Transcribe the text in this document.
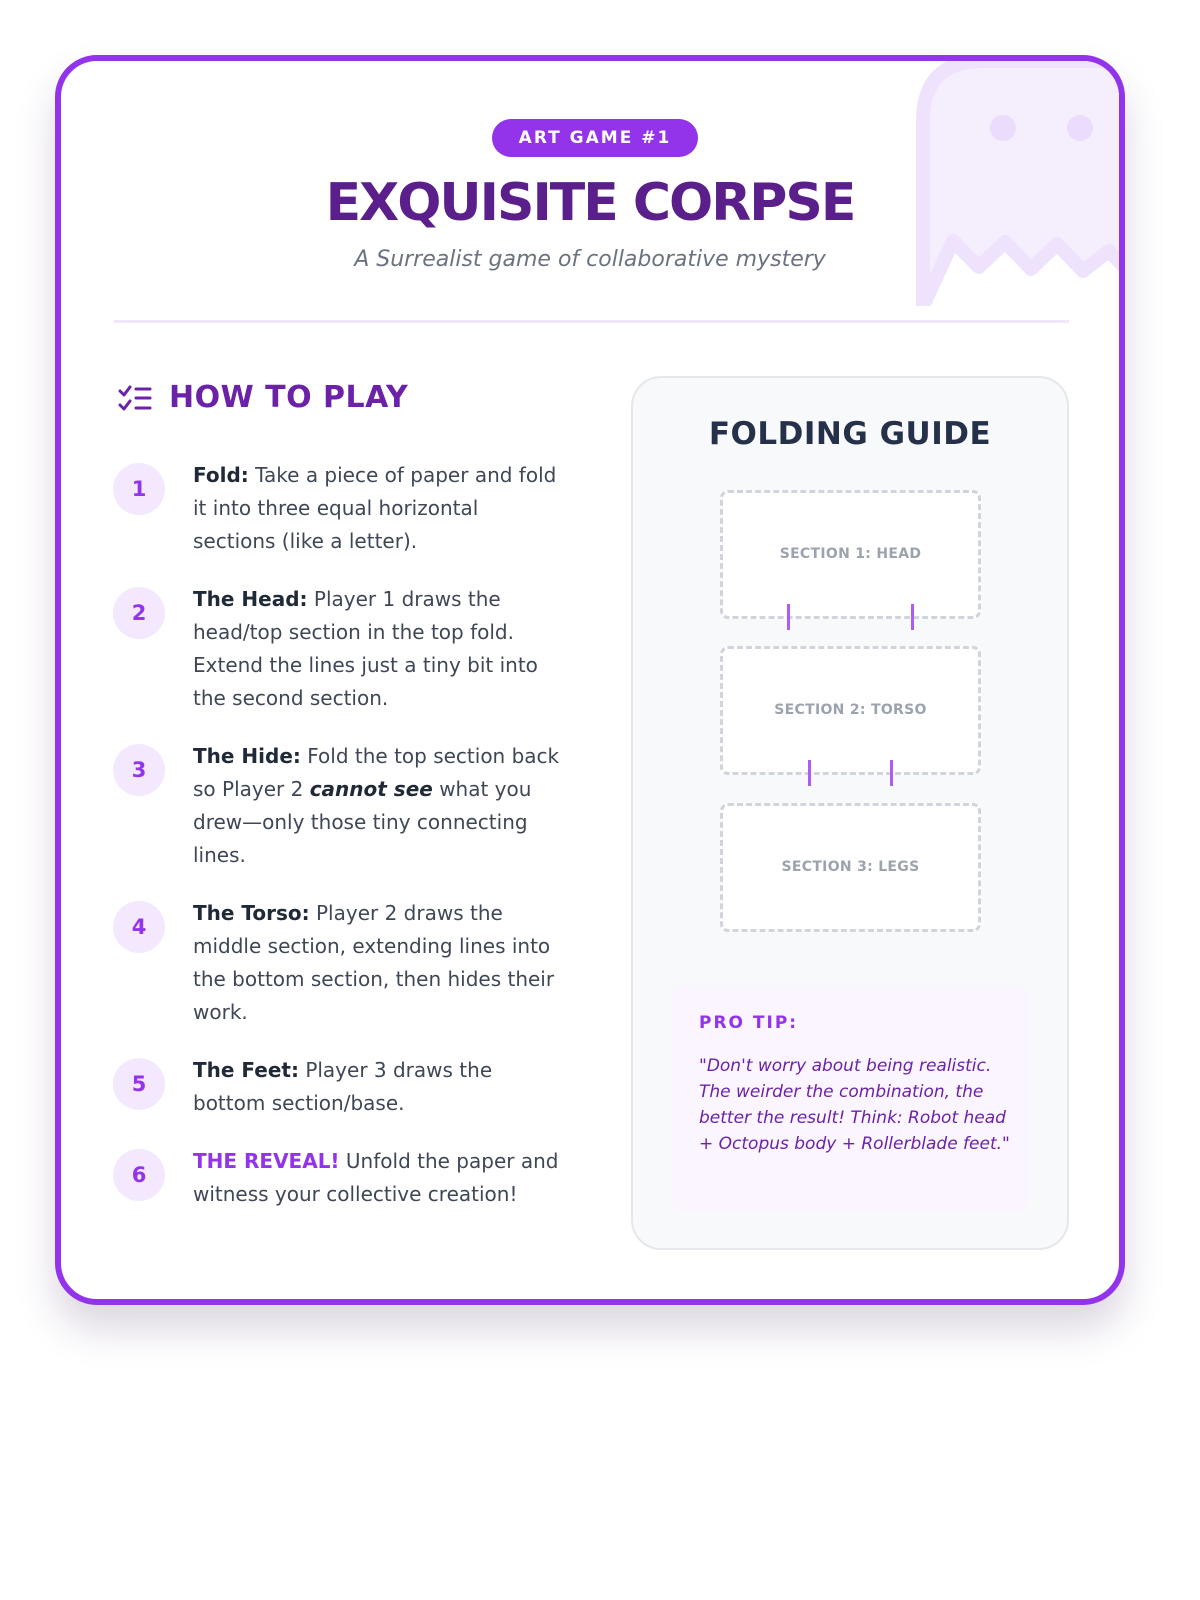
ART GAME #1
EXQUISITE CORPSE
A Surrealist game of collaborative mystery
HOW TO PLAY
1
Fold: Take a piece of paper and fold it into three equal horizontal sections (like a letter).
2
The Head: Player 1 draws the head/top section in the top fold. Extend the lines just a tiny bit into the second section.
3
The Hide: Fold the top section back so Player 2 cannot see what you drew—only those tiny connecting lines.
4
The Torso: Player 2 draws the middle section, extending lines into the bottom section, then hides their work.
5
The Feet: Player 3 draws the bottom section/base.
6
THE REVEAL! Unfold the paper and witness your collective creation!
FOLDING GUIDE
SECTION 1: HEAD
SECTION 2: TORSO
SECTION 3: LEGS
PRO TIP:
"Don't worry about being realistic. The weirder the combination, the better the result! Think: Robot head + Octopus body + Rollerblade feet."
